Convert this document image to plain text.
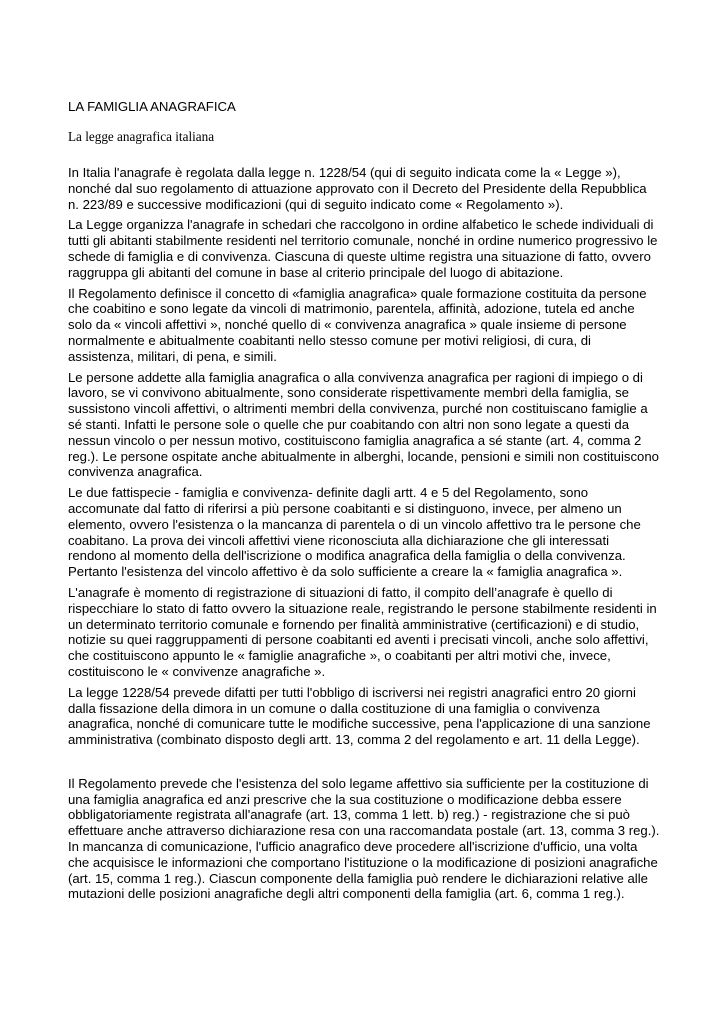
LA FAMIGLIA ANAGRAFICA
La legge anagrafica italiana

In Italia l'anagrafe è regolata dalla legge n. 1228/54 (qui di seguito indicata come la « Legge »), nonché dal suo regolamento di attuazione approvato con il Decreto del Presidente della Repubblica n. 223/89 e successive modificazioni (qui di seguito indicato come « Regolamento »).

La Legge organizza l'anagrafe in schedari che raccolgono in ordine alfabetico le schede individuali di tutti gli abitanti stabilmente residenti nel territorio comunale, nonché in ordine numerico progressivo le schede di famiglia e di convivenza. Ciascuna di queste ultime registra una situazione di fatto, ovvero raggruppa gli abitanti del comune in base al criterio principale del luogo di abitazione.

Il Regolamento definisce il concetto di «famiglia anagrafica» quale formazione costituita da persone che coabitino e sono legate da vincoli di matrimonio, parentela, affinità, adozione, tutela ed anche solo da « vincoli affettivi », nonché quello di « convivenza anagrafica » quale insieme di persone normalmente e abitualmente coabitanti nello stesso comune per motivi religiosi, di cura, di assistenza, militari, di pena, e simili.

Le persone addette alla famiglia anagrafica o alla convivenza anagrafica per ragioni di impiego o di lavoro, se vi convivono abitualmente, sono considerate rispettivamente membri della famiglia, se sussistono vincoli affettivi, o altrimenti membri della convivenza, purché non costituiscano famiglie a sé stanti. Infatti le persone sole o quelle che pur coabitando con altri non sono legate a questi da nessun vincolo o per nessun motivo, costituiscono famiglia anagrafica a sé stante (art. 4, comma 2 reg.). Le persone ospitate anche abitualmente in alberghi, locande, pensioni e simili non costituiscono convivenza anagrafica.

Le due fattispecie - famiglia e convivenza- definite dagli artt. 4 e 5 del Regolamento, sono accomunate dal fatto di riferirsi a più persone coabitanti e si distinguono, invece, per almeno un elemento, ovvero l'esistenza o la mancanza di parentela o di un vincolo affettivo tra le persone che coabitano. La prova dei vincoli affettivi viene riconosciuta alla dichiarazione che gli interessati rendono al momento della dell'iscrizione o modifica anagrafica della famiglia o della convivenza. Pertanto l'esistenza del vincolo affettivo è da solo sufficiente a creare la « famiglia anagrafica ».

L'anagrafe è momento di registrazione di situazioni di fatto, il compito dell’anagrafe è quello di rispecchiare lo stato di fatto ovvero la situazione reale, registrando le persone stabilmente residenti in un determinato territorio comunale e fornendo per finalità amministrative (certificazioni) e di studio, notizie su quei raggruppamenti di persone coabitanti ed aventi i precisati vincoli, anche solo affettivi, che costituiscono appunto le « famiglie anagrafiche », o coabitanti per altri motivi che, invece, costituiscono le « convivenze anagrafiche ».

La legge 1228/54 prevede difatti per tutti l'obbligo di iscriversi nei registri anagrafici entro 20 giorni dalla fissazione della dimora in un comune o dalla costituzione di una famiglia o convivenza anagrafica, nonché di comunicare tutte le modifiche successive, pena l'applicazione di una sanzione amministrativa (combinato disposto degli artt. 13, comma 2 del regolamento e art. 11 della Legge).

Il Regolamento prevede che l'esistenza del solo legame affettivo sia sufficiente per la costituzione di una famiglia anagrafica ed anzi prescrive che la sua costituzione o modificazione debba essere obbligatoriamente registrata all'anagrafe (art. 13, comma 1 lett. b) reg.) - registrazione che si può effettuare anche attraverso dichiarazione resa con una raccomandata postale (art. 13, comma 3 reg.). In mancanza di comunicazione, l'ufficio anagrafico deve procedere all'iscrizione d'ufficio, una volta che acquisisce le informazioni che comportano l'istituzione o la modificazione di posizioni anagrafiche (art. 15, comma 1 reg.). Ciascun componente della famiglia può rendere le dichiarazioni relative alle mutazioni delle posizioni anagrafiche degli altri componenti della famiglia (art. 6, comma 1 reg.).
